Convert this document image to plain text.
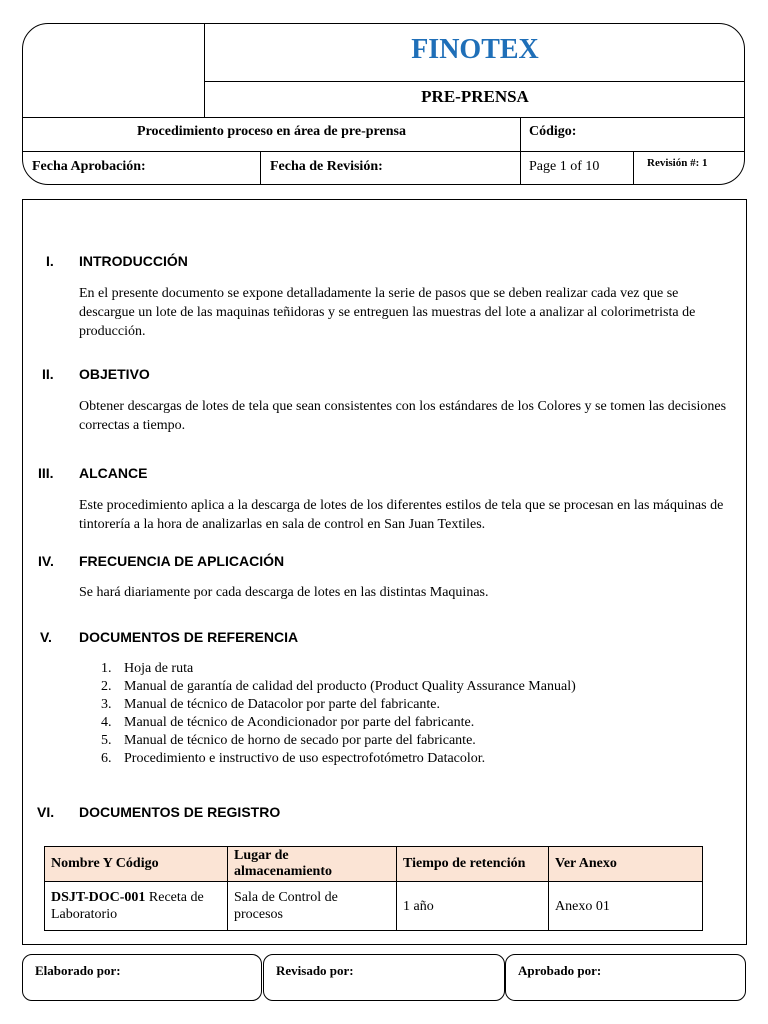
FINOTEX
PRE-PRENSA
Procedimiento proceso en área de pre-prensa	Código:
Fecha Aprobación:	Fecha de Revisión:	Page 1 of 10	Revisión #: 1
I. INTRODUCCIÓN
En el presente documento se expone detalladamente la serie de pasos que se deben realizar cada vez que se descargue un lote de las maquinas teñidoras y se entreguen las muestras del lote a analizar al colorimetrista de producción.
II. OBJETIVO
Obtener descargas de lotes de tela que sean consistentes con los estándares de los Colores y se tomen las decisiones correctas a tiempo.
III. ALCANCE
Este procedimiento aplica a la descarga de lotes de los diferentes estilos de tela que se procesan en las máquinas de tintorería a la hora de analizarlas en sala de control en San Juan Textiles.
IV. FRECUENCIA DE APLICACIÓN
Se hará diariamente por cada descarga de lotes en las distintas Maquinas.
V. DOCUMENTOS DE REFERENCIA
1. Hoja de ruta
2. Manual de garantía de calidad del producto (Product Quality Assurance Manual)
3. Manual de técnico de Datacolor por parte del fabricante.
4. Manual de técnico de Acondicionador por parte del fabricante.
5. Manual de técnico de horno de secado por parte del fabricante.
6. Procedimiento e instructivo de uso espectrofotómetro Datacolor.
VI. DOCUMENTOS DE REGISTRO
Nombre Y Código	Lugar de almacenamiento	Tiempo de retención	Ver Anexo
DSJT-DOC-001 Receta de Laboratorio	Sala de Control de procesos	1 año	Anexo 01
Elaborado por:	Revisado por:	Aprobado por:
